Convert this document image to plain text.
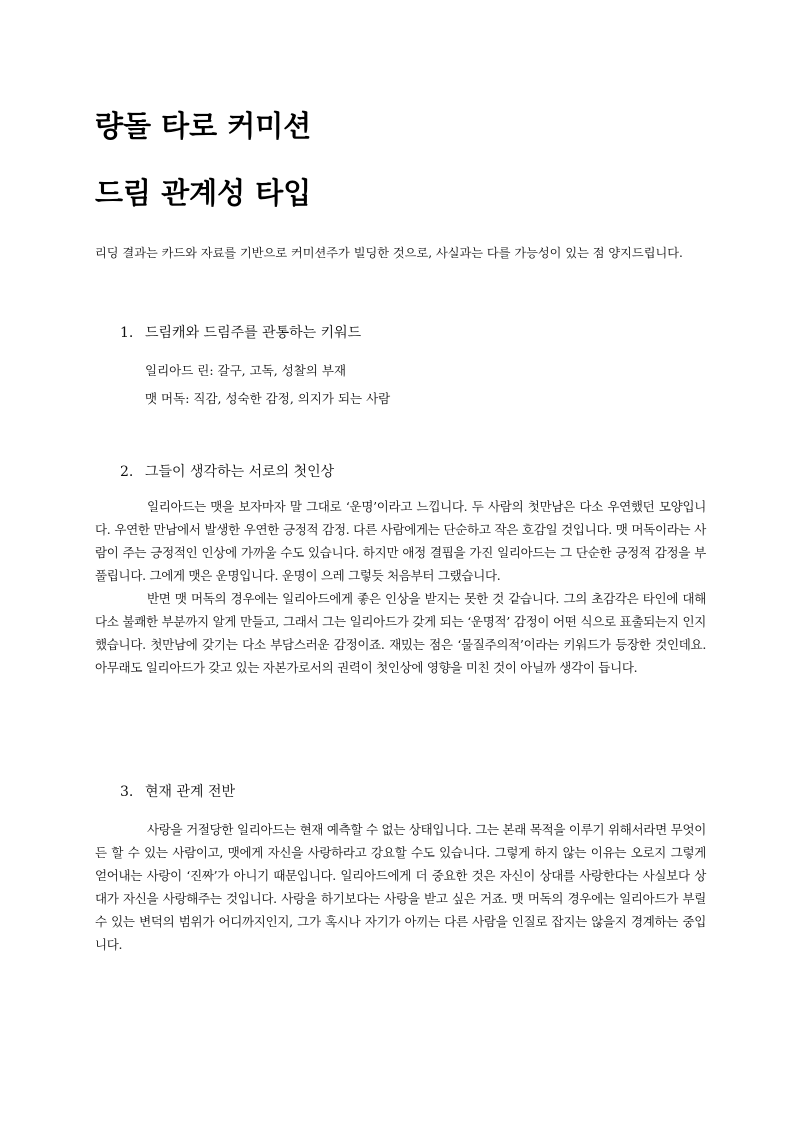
량돌 타로 커미션
드림 관계성 타입
리딩 결과는 카드와 자료를 기반으로 커미션주가 빌딩한 것으로, 사실과는 다를 가능성이 있는 점 양지드립니다.
1. 드림캐와 드림주를 관통하는 키워드
일리아드 린: 갈구, 고독, 성찰의 부재
맷 머독: 직감, 성숙한 감정, 의지가 되는 사람
2. 그들이 생각하는 서로의 첫인상

일리아드는 맷을 보자마자 말 그대로 ‘운명’이라고 느낍니다. 두 사람의 첫만남은 다소 우연했던 모양입니다. 우연한 만남에서 발생한 우연한 긍정적 감정. 다른 사람에게는 단순하고 작은 호감일 것입니다. 맷 머독이라는 사람이 주는 긍정적인 인상에 가까울 수도 있습니다. 하지만 애정 결핍을 가진 일리아드는 그 단순한 긍정적 감정을 부풀립니다. 그에게 맷은 운명입니다. 운명이 으레 그렇듯 처음부터 그랬습니다.

반면 맷 머독의 경우에는 일리아드에게 좋은 인상을 받지는 못한 것 같습니다. 그의 초감각은 타인에 대해 다소 불쾌한 부분까지 알게 만들고, 그래서 그는 일리아드가 갖게 되는 ‘운명적’ 감정이 어떤 식으로 표출되는지 인지했습니다. 첫만남에 갖기는 다소 부담스러운 감정이죠. 재밌는 점은 ‘물질주의적’이라는 키워드가 등장한 것인데요. 아무래도 일리아드가 갖고 있는 자본가로서의 권력이 첫인상에 영향을 미친 것이 아닐까 생각이 듭니다.

3. 현재 관계 전반

사랑을 거절당한 일리아드는 현재 예측할 수 없는 상태입니다. 그는 본래 목적을 이루기 위해서라면 무엇이든 할 수 있는 사람이고, 맷에게 자신을 사랑하라고 강요할 수도 있습니다. 그렇게 하지 않는 이유는 오로지 그렇게 얻어내는 사랑이 ‘진짜’가 아니기 때문입니다. 일리아드에게 더 중요한 것은 자신이 상대를 사랑한다는 사실보다 상대가 자신을 사랑해주는 것입니다. 사랑을 하기보다는 사랑을 받고 싶은 거죠. 맷 머독의 경우에는 일리아드가 부릴 수 있는 변덕의 범위가 어디까지인지, 그가 혹시나 자기가 아끼는 다른 사람을 인질로 잡지는 않을지 경계하는 중입니다.
